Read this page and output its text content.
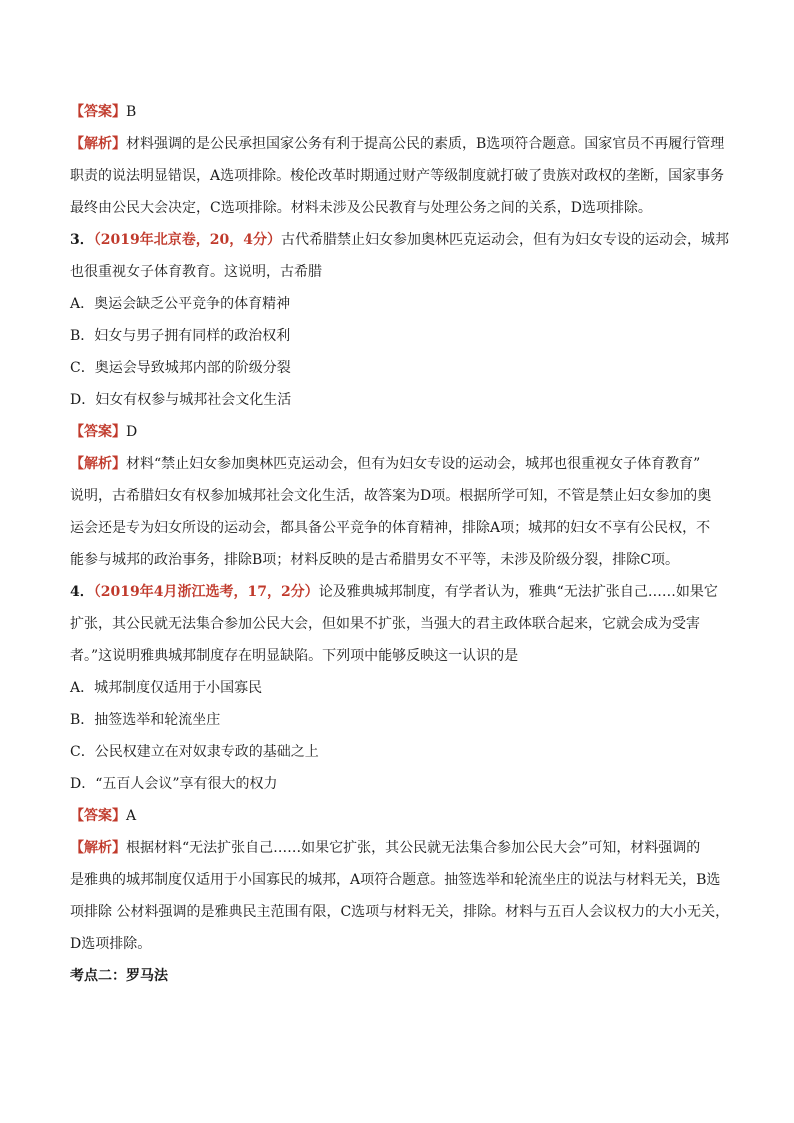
【答案】B
【解析】材料强调的是公民承担国家公务有利于提高公民的素质，B选项符合题意。国家官员不再履行管理
职责的说法明显错误，A选项排除。梭伦改革时期通过财产等级制度就打破了贵族对政权的垄断，国家事务
最终由公民大会决定，C选项排除。材料未涉及公民教育与处理公务之间的关系，D选项排除。
3．（2019年北京卷，20，4分）古代希腊禁止妇女参加奥林匹克运动会，但有为妇女专设的运动会，城邦
也很重视女子体育教育。这说明，古希腊
A．奥运会缺乏公平竞争的体育精神
B．妇女与男子拥有同样的政治权利
C．奥运会导致城邦内部的阶级分裂
D．妇女有权参与城邦社会文化生活
【答案】D
【解析】材料“禁止妇女参加奥林匹克运动会，但有为妇女专设的运动会，城邦也很重视女子体育教育”
说明，古希腊妇女有权参加城邦社会文化生活，故答案为D项。根据所学可知，不管是禁止妇女参加的奥
运会还是专为妇女所设的运动会，都具备公平竞争的体育精神，排除A项；城邦的妇女不享有公民权，不
能参与城邦的政治事务，排除B项；材料反映的是古希腊男女不平等，未涉及阶级分裂，排除C项。
4．（2019年4月浙江选考，17，2分）论及雅典城邦制度，有学者认为，雅典“无法扩张自己……如果它
扩张，其公民就无法集合参加公民大会，但如果不扩张，当强大的君主政体联合起来，它就会成为受害
者。”这说明雅典城邦制度存在明显缺陷。下列项中能够反映这一认识的是
A．城邦制度仅适用于小国寡民
B．抽签选举和轮流坐庄
C．公民权建立在对奴隶专政的基础之上
D．“五百人会议”享有很大的权力
【答案】A
【解析】根据材料“无法扩张自己……如果它扩张，其公民就无法集合参加公民大会”可知，材料强调的
是雅典的城邦制度仅适用于小国寡民的城邦，A项符合题意。抽签选举和轮流坐庄的说法与材料无关，B选
项排除 公材料强调的是雅典民主范围有限，C选项与材料无关，排除。材料与五百人会议权力的大小无关，
D选项排除。
考点二：罗马法
